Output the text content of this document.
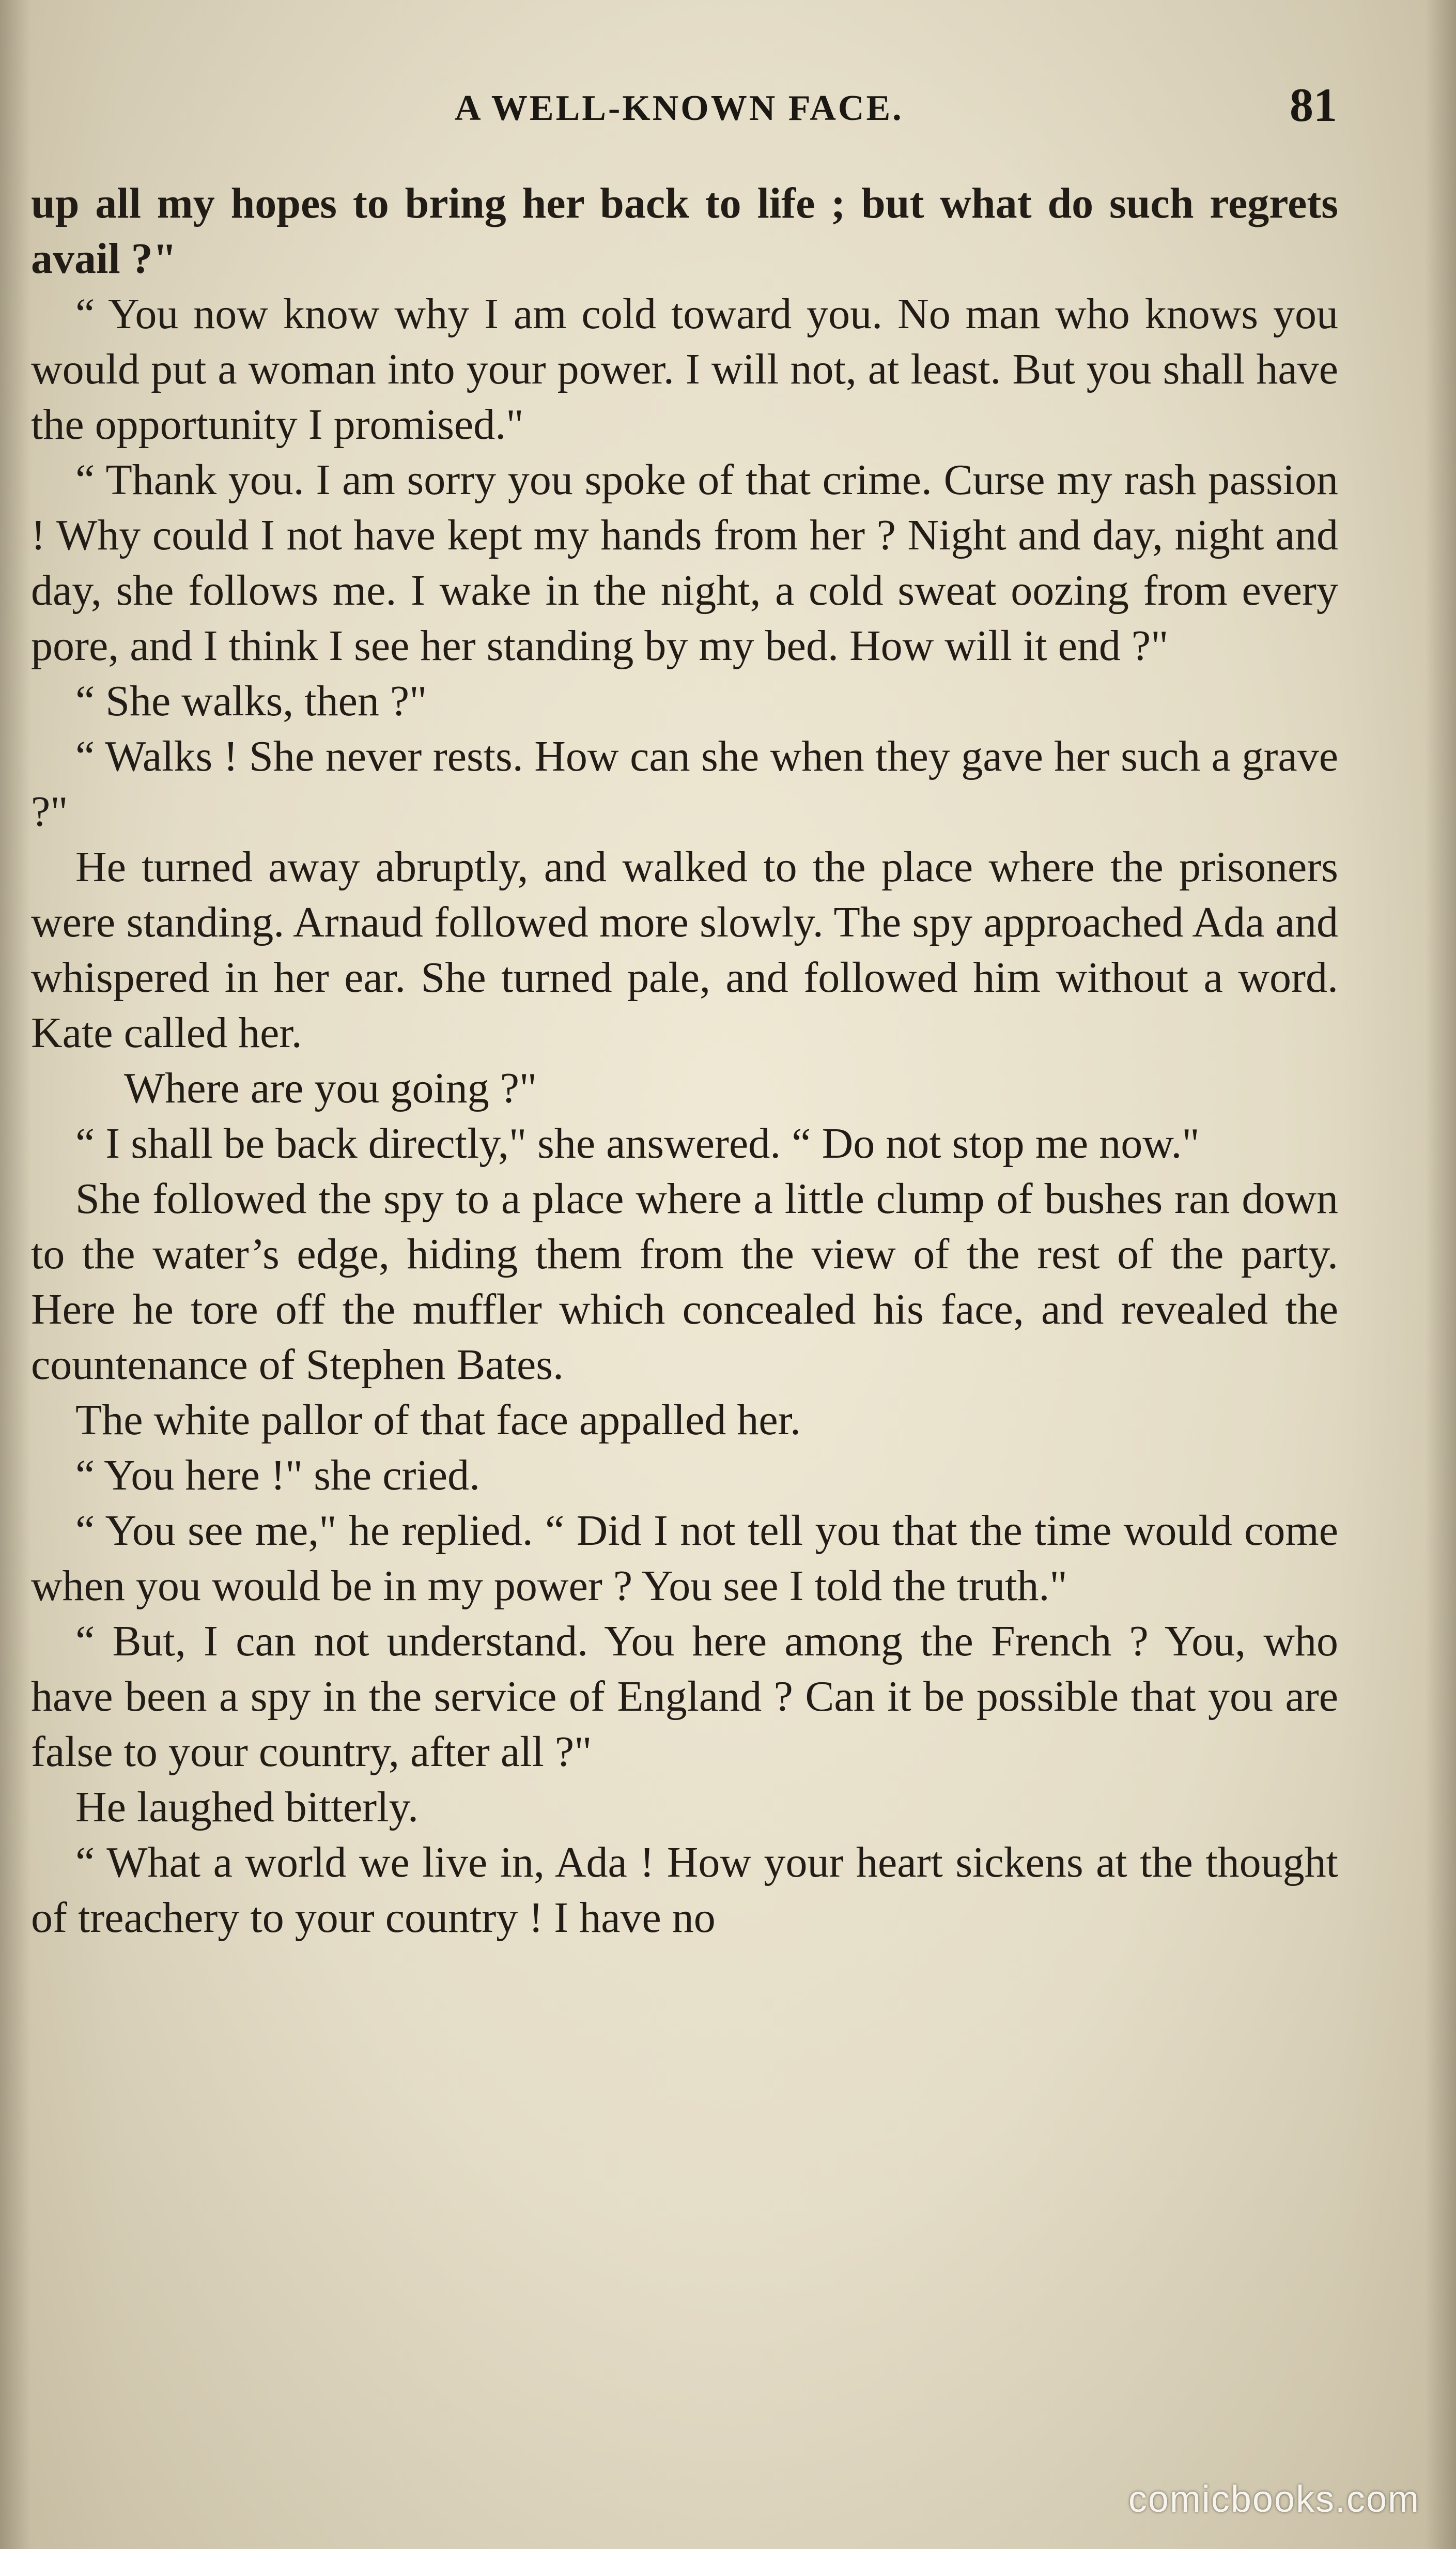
A WELL-KNOWN FACE.	81

up all my hopes to bring her back to life ; but what do such regrets avail ?"

“ You now know why I am cold toward you. No man who knows you would put a woman into your power. I will not, at least. But you shall have the opportunity I promised."

“ Thank you. I am sorry you spoke of that crime. Curse my rash passion ! Why could I not have kept my hands from her ? Night and day, night and day, she follows me. I wake in the night, a cold sweat oozing from every pore, and I think I see her standing by my bed. How will it end ?"

“ She walks, then ?"

“ Walks ! She never rests. How can she when they gave her such a grave ?"

He turned away abruptly, and walked to the place where the prisoners were standing. Arnaud followed more slowly. The spy approached Ada and whispered in her ear. She turned pale, and followed him without a word. Kate called her.

Where are you going ?"

“ I shall be back directly," she answered. “ Do not stop me now."

She followed the spy to a place where a little clump of bushes ran down to the water’s edge, hiding them from the view of the rest of the party. Here he tore off the muffler which concealed his face, and revealed the countenance of Stephen Bates.

The white pallor of that face appalled her.

“ You here !" she cried.

“ You see me," he replied. “ Did I not tell you that the time would come when you would be in my power ? You see I told the truth."

“ But, I can not understand. You here among the French ? You, who have been a spy in the service of England ? Can it be possible that you are false to your country, after all ?"

He laughed bitterly.

“ What a world we live in, Ada ! How your heart sickens at the thought of treachery to your country ! I have no

comicbooks.com
